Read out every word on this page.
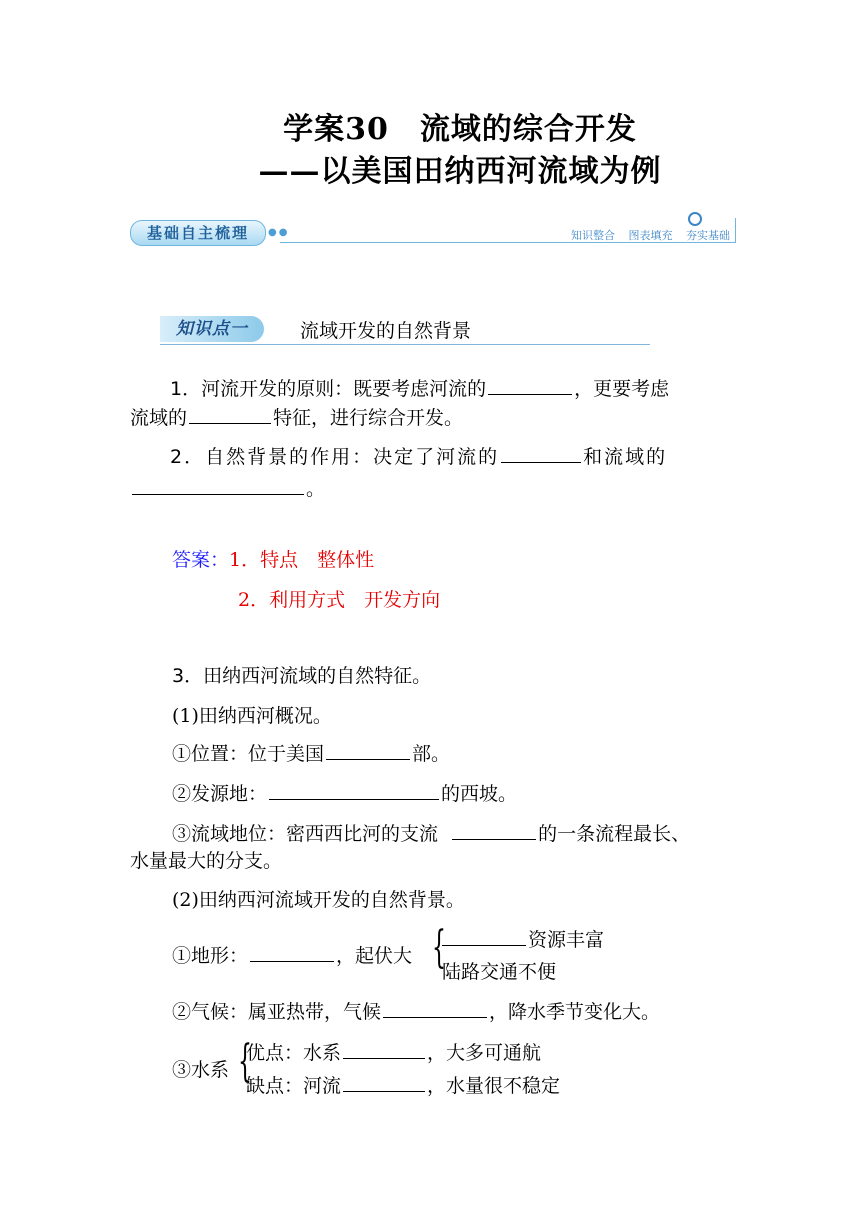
学案30　流域的综合开发
——以美国田纳西河流域为例
基础自主梳理	●●	知识整合 图表填充 夯实基础
知识点一	流域开发的自然背景
1．河流开发的原则：既要考虑河流的	，更要考虑
流域的	特征，进行综合开发。
2．自然背景的作用：决定了河流的	和流域的
。
答案：1．特点　整体性
2．利用方式　开发方向
3．田纳西河流域的自然特征。
(1)田纳西河概况。
①位置：位于美国	部。
②发源地：	的西坡。
③流域地位：密西西比河的支流	的一条流程最长、
水量最大的分支。
(2)田纳西河流域开发的自然背景。
①地形：	，起伏大 {	资源丰富
陆路交通不便
②气候：属亚热带，气候	，降水季节变化大。
③水系 {
优点：水系	，大多可通航
缺点：河流	，水量很不稳定
